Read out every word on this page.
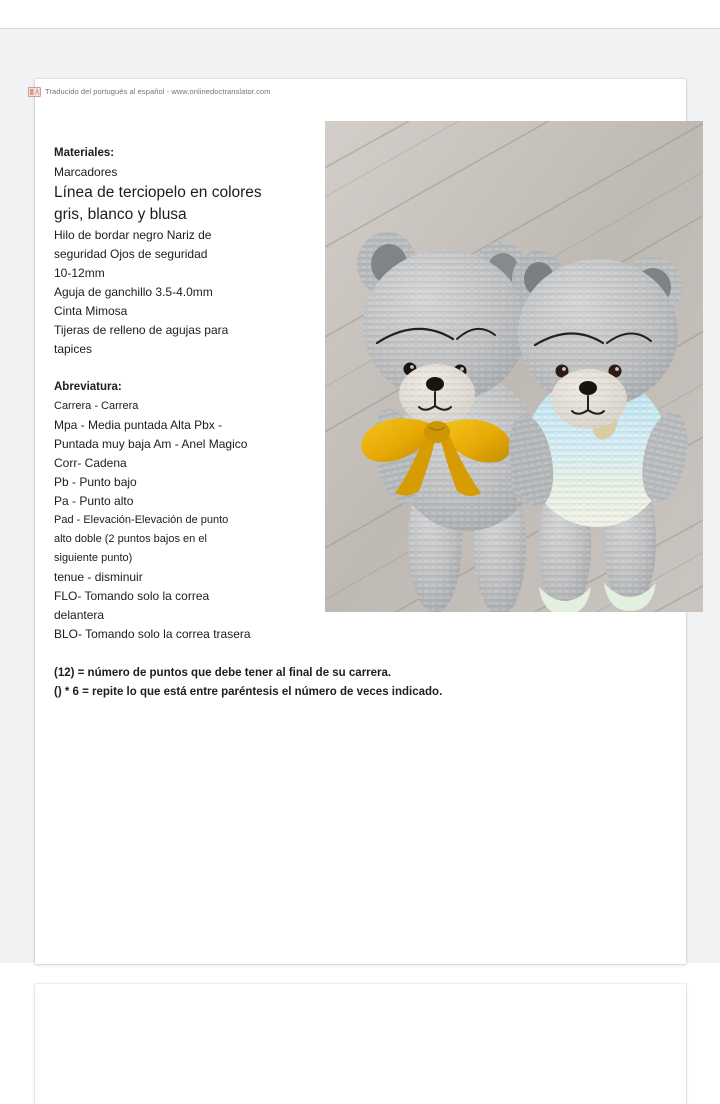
Traducido del portugués al español - www.onlinedoctranslator.com
Materiales:
Marcadores
Línea de terciopelo en colores
gris, blanco y blusa
Hilo de bordar negro Nariz de
seguridad Ojos de seguridad
10-12mm
Aguja de ganchillo 3.5-4.0mm
Cinta Mimosa
Tijeras de relleno de agujas para
tapices
Abreviatura:
Carrera - Carrera
Mpa - Media puntada Alta Pbx -
Puntada muy baja Am - Anel Magico
Corr- Cadena
Pb - Punto bajo
Pa - Punto alto
Pad - Elevación-Elevación de punto
alto doble (2 puntos bajos en el
siguiente punto)
tenue - disminuir
FLO- Tomando solo la correa
delantera
BLO- Tomando solo la correa trasera
(12) = número de puntos que debe tener al final de su carrera.
() * 6 = repite lo que está entre paréntesis el número de veces indicado.
